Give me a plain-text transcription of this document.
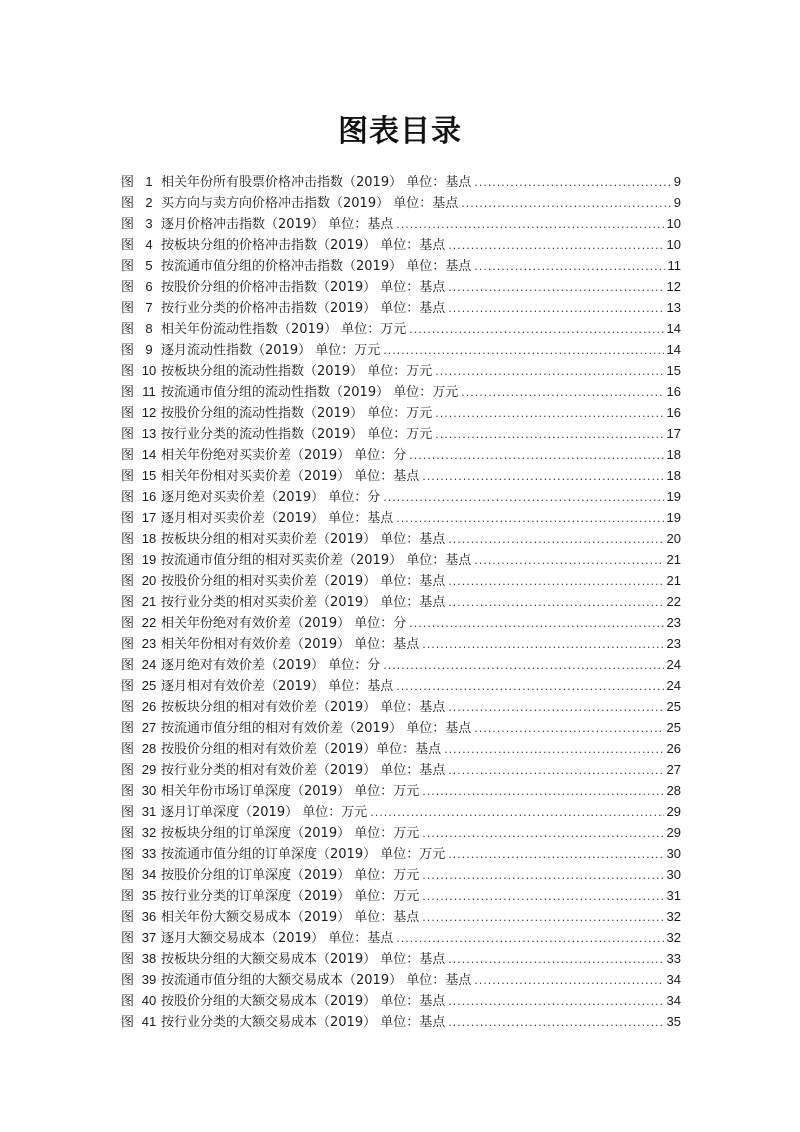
图表目录
图 1 相关年份所有股票价格冲击指数（2019） 单位：基点 .....	9
图 2 买方向与卖方向价格冲击指数（2019） 单位：基点 .....	9
图 3 逐月价格冲击指数（2019） 单位：基点 .....	10
图 4 按板块分组的价格冲击指数（2019） 单位：基点 .....	10
图 5 按流通市值分组的价格冲击指数（2019） 单位：基点 .....	11
图 6 按股价分组的价格冲击指数（2019） 单位：基点 .....	12
图 7 按行业分类的价格冲击指数（2019） 单位：基点 .....	13
图 8 相关年份流动性指数（2019） 单位：万元 .....	14
图 9 逐月流动性指数（2019） 单位：万元 .....	14
图 10 按板块分组的流动性指数（2019） 单位：万元 .....	15
图 11 按流通市值分组的流动性指数（2019） 单位：万元 .....	16
图 12 按股价分组的流动性指数（2019） 单位：万元 .....	16
图 13 按行业分类的流动性指数（2019） 单位：万元 .....	17
图 14 相关年份绝对买卖价差（2019） 单位：分 .....	18
图 15 相关年份相对买卖价差（2019） 单位：基点 .....	18
图 16 逐月绝对买卖价差（2019） 单位：分 .....	19
图 17 逐月相对买卖价差（2019） 单位：基点 .....	19
图 18 按板块分组的相对买卖价差（2019） 单位：基点 .....	20
图 19 按流通市值分组的相对买卖价差（2019） 单位：基点 .....	21
图 20 按股价分组的相对买卖价差（2019） 单位：基点 .....	21
图 21 按行业分类的相对买卖价差（2019） 单位：基点 .....	22
图 22 相关年份绝对有效价差（2019） 单位：分 .....	23
图 23 相关年份相对有效价差（2019） 单位：基点 .....	23
图 24 逐月绝对有效价差（2019） 单位：分 .....	24
图 25 逐月相对有效价差（2019） 单位：基点 .....	24
图 26 按板块分组的相对有效价差（2019） 单位：基点 .....	25
图 27 按流通市值分组的相对有效价差（2019） 单位：基点 .....	25
图 28 按股价分组的相对有效价差（2019）单位：基点 .....	26
图 29 按行业分类的相对有效价差（2019） 单位：基点 .....	27
图 30 相关年份市场订单深度（2019） 单位：万元 .....	28
图 31 逐月订单深度（2019） 单位：万元 .....	29
图 32 按板块分组的订单深度（2019） 单位：万元 .....	29
图 33 按流通市值分组的订单深度（2019） 单位：万元 .....	30
图 34 按股价分组的订单深度（2019） 单位：万元 .....	30
图 35 按行业分类的订单深度（2019） 单位：万元 .....	31
图 36 相关年份大额交易成本（2019） 单位：基点 .....	32
图 37 逐月大额交易成本（2019） 单位：基点 .....	32
图 38 按板块分组的大额交易成本（2019） 单位：基点 .....	33
图 39 按流通市值分组的大额交易成本（2019） 单位：基点 .....	34
图 40 按股价分组的大额交易成本（2019） 单位：基点 .....	34
图 41 按行业分类的大额交易成本（2019） 单位：基点 .....	35
